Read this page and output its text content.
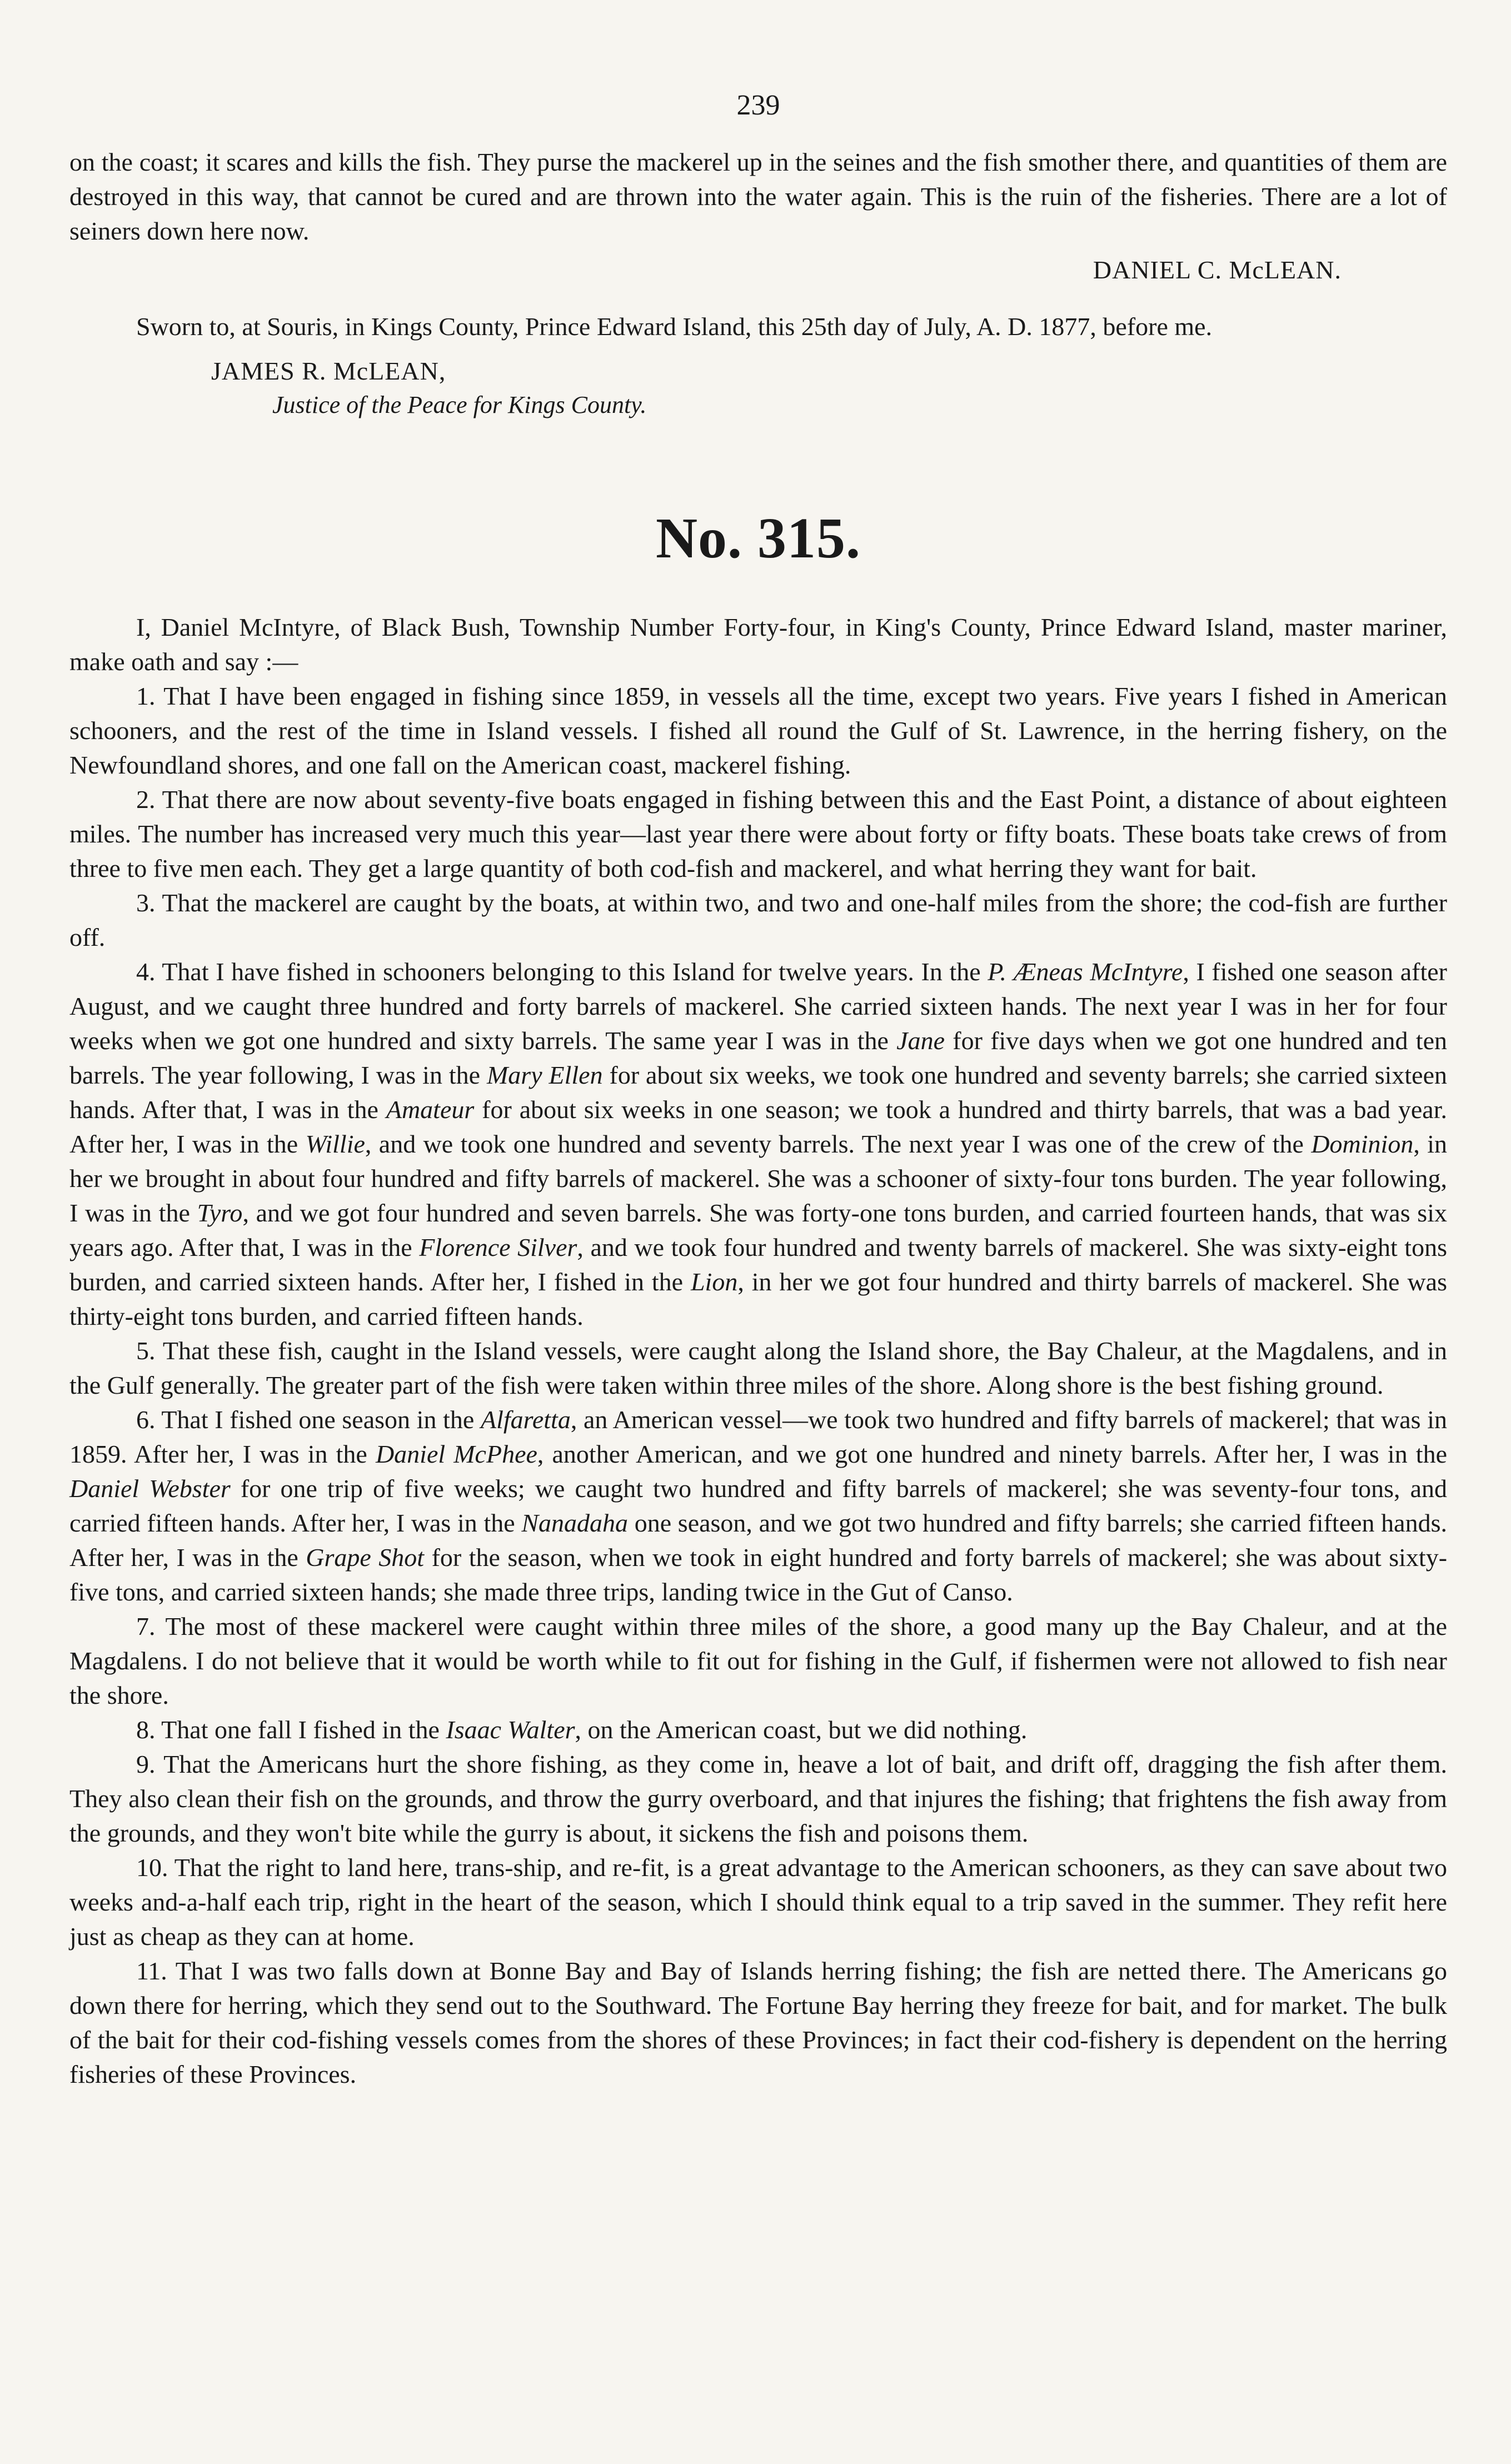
239

on the coast; it scares and kills the fish. They purse the mackerel up in the seines and the fish smother there, and quantities of them are destroyed in this way, that cannot be cured and are thrown into the water again. This is the ruin of the fisheries. There are a lot of seiners down here now.

DANIEL C. McLEAN.

Sworn to, at Souris, in Kings County, Prince Edward Island, this 25th day of July, A. D. 1877, before me.

JAMES R. McLEAN,
Justice of the Peace for Kings County.
No. 315.

I, Daniel McIntyre, of Black Bush, Township Number Forty-four, in King's County, Prince Edward Island, master mariner, make oath and say :—

1. That I have been engaged in fishing since 1859, in vessels all the time, except two years. Five years I fished in American schooners, and the rest of the time in Island vessels. I fished all round the Gulf of St. Lawrence, in the herring fishery, on the Newfoundland shores, and one fall on the American coast, mackerel fishing.

2. That there are now about seventy-five boats engaged in fishing between this and the East Point, a distance of about eighteen miles. The number has increased very much this year—last year there were about forty or fifty boats. These boats take crews of from three to five men each. They get a large quantity of both cod-fish and mackerel, and what herring they want for bait.

3. That the mackerel are caught by the boats, at within two, and two and one-half miles from the shore; the cod-fish are further off.

4. That I have fished in schooners belonging to this Island for twelve years. In the P. Æneas McIntyre, I fished one season after August, and we caught three hundred and forty barrels of mackerel. She carried sixteen hands. The next year I was in her for four weeks when we got one hundred and sixty barrels. The same year I was in the Jane for five days when we got one hundred and ten barrels. The year following, I was in the Mary Ellen for about six weeks, we took one hundred and seventy barrels; she carried sixteen hands. After that, I was in the Amateur for about six weeks in one season; we took a hundred and thirty barrels, that was a bad year. After her, I was in the Willie, and we took one hundred and seventy barrels. The next year I was one of the crew of the Dominion, in her we brought in about four hundred and fifty barrels of mackerel. She was a schooner of sixty-four tons burden. The year following, I was in the Tyro, and we got four hundred and seven barrels. She was forty-one tons burden, and carried fourteen hands, that was six years ago. After that, I was in the Florence Silver, and we took four hundred and twenty barrels of mackerel. She was sixty-eight tons burden, and carried sixteen hands. After her, I fished in the Lion, in her we got four hundred and thirty barrels of mackerel. She was thirty-eight tons burden, and carried fifteen hands.

5. That these fish, caught in the Island vessels, were caught along the Island shore, the Bay Chaleur, at the Magdalens, and in the Gulf generally. The greater part of the fish were taken within three miles of the shore. Along shore is the best fishing ground.

6. That I fished one season in the Alfaretta, an American vessel—we took two hundred and fifty barrels of mackerel; that was in 1859. After her, I was in the Daniel McPhee, another American, and we got one hundred and ninety barrels. After her, I was in the Daniel Webster for one trip of five weeks; we caught two hundred and fifty barrels of mackerel; she was seventy-four tons, and carried fifteen hands. After her, I was in the Nanadaha one season, and we got two hundred and fifty barrels; she carried fifteen hands. After her, I was in the Grape Shot for the season, when we took in eight hundred and forty barrels of mackerel; she was about sixty-five tons, and carried sixteen hands; she made three trips, landing twice in the Gut of Canso.

7. The most of these mackerel were caught within three miles of the shore, a good many up the Bay Chaleur, and at the Magdalens. I do not believe that it would be worth while to fit out for fishing in the Gulf, if fishermen were not allowed to fish near the shore.

8. That one fall I fished in the Isaac Walter, on the American coast, but we did nothing.

9. That the Americans hurt the shore fishing, as they come in, heave a lot of bait, and drift off, dragging the fish after them. They also clean their fish on the grounds, and throw the gurry overboard, and that injures the fishing; that frightens the fish away from the grounds, and they won't bite while the gurry is about, it sickens the fish and poisons them.

10. That the right to land here, trans-ship, and re-fit, is a great advantage to the American schooners, as they can save about two weeks and-a-half each trip, right in the heart of the season, which I should think equal to a trip saved in the summer. They refit here just as cheap as they can at home.

11. That I was two falls down at Bonne Bay and Bay of Islands herring fishing; the fish are netted there. The Americans go down there for herring, which they send out to the Southward. The Fortune Bay herring they freeze for bait, and for market. The bulk of the bait for their cod-fishing vessels comes from the shores of these Provinces; in fact their cod-fishery is dependent on the herring fisheries of these Provinces.
